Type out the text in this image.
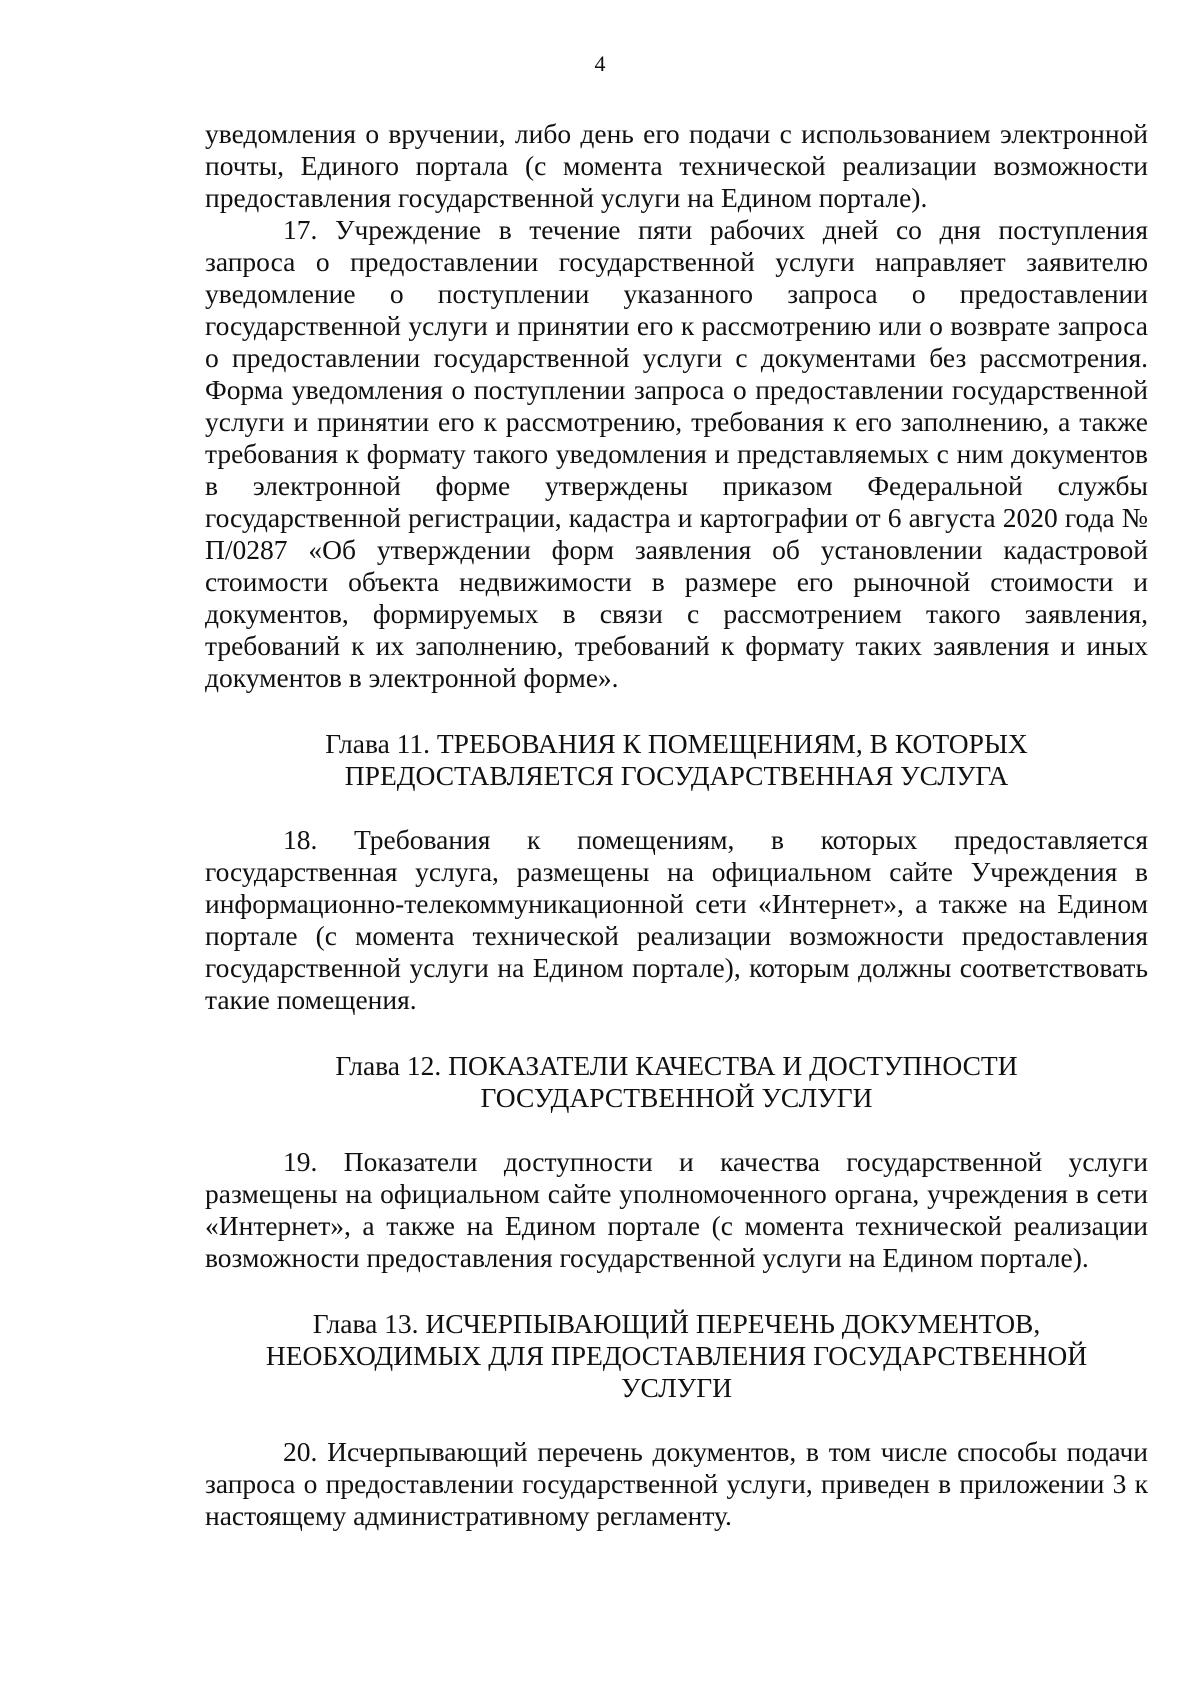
4

уведомления о вручении, либо день его подачи с использованием электронной почты, Единого портала (с момента технической реализации возможности предоставления государственной услуги на Едином портале).

17. Учреждение в течение пяти рабочих дней со дня поступления запроса о предоставлении государственной услуги направляет заявителю уведомление о поступлении указанного запроса о предоставлении государственной услуги и принятии его к рассмотрению или о возврате запроса о предоставлении государственной услуги с документами без рассмотрения. Форма уведомления о поступлении запроса о предоставлении государственной услуги и принятии его к рассмотрению, требования к его заполнению, а также требования к формату такого уведомления и представляемых с ним документов в электронной форме утверждены приказом Федеральной службы государственной регистрации, кадастра и картографии от 6 августа 2020 года № П/0287 «Об утверждении форм заявления об установлении кадастровой стоимости объекта недвижимости в размере его рыночной стоимости и документов, формируемых в связи с рассмотрением такого заявления, требований к их заполнению, требований к формату таких заявления и иных документов в электронной форме».

Глава 11. ТРЕБОВАНИЯ К ПОМЕЩЕНИЯМ, В КОТОРЫХ
ПРЕДОСТАВЛЯЕТСЯ ГОСУДАРСТВЕННАЯ УСЛУГА

18. Требования к помещениям, в которых предоставляется государственная услуга, размещены на официальном сайте Учреждения в информационно-телекоммуникационной сети «Интернет», а также на Едином портале (с момента технической реализации возможности предоставления государственной услуги на Едином портале), которым должны соответствовать такие помещения.

Глава 12. ПОКАЗАТЕЛИ КАЧЕСТВА И ДОСТУПНОСТИ
ГОСУДАРСТВЕННОЙ УСЛУГИ

19. Показатели доступности и качества государственной услуги размещены на официальном сайте уполномоченного органа, учреждения в сети «Интернет», а также на Едином портале (с момента технической реализации возможности предоставления государственной услуги на Едином портале).

Глава 13. ИСЧЕРПЫВАЮЩИЙ ПЕРЕЧЕНЬ ДОКУМЕНТОВ,
НЕОБХОДИМЫХ ДЛЯ ПРЕДОСТАВЛЕНИЯ ГОСУДАРСТВЕННОЙ
УСЛУГИ

20. Исчерпывающий перечень документов, в том числе способы подачи запроса о предоставлении государственной услуги, приведен в приложении 3 к настоящему административному регламенту.
